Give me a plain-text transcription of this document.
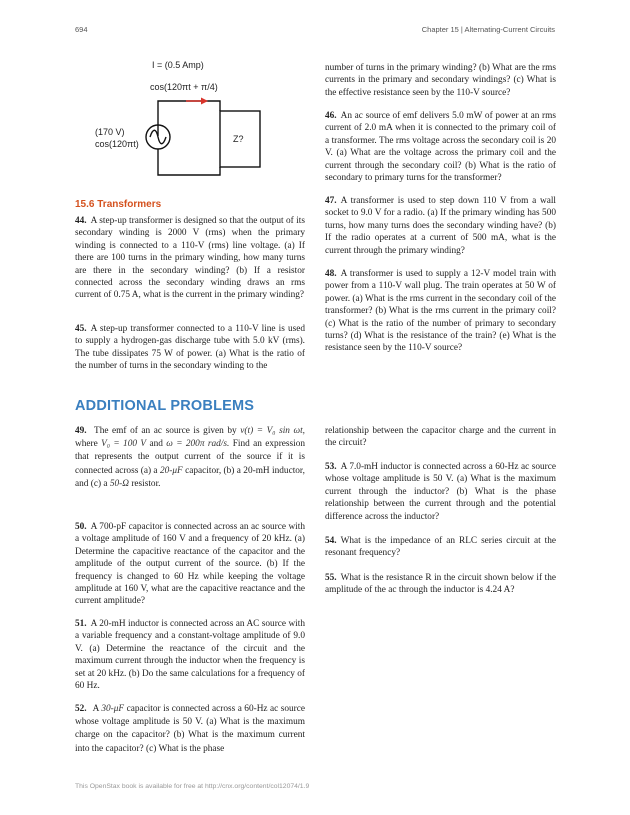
694	Chapter 15 | Alternating-Current Circuits
I = (0.5 Amp)
cos(120πt + π/4)
(170 V)
cos(120πt)	Z?
15.6 Transformers

44. A step-up transformer is designed so that the output of its secondary winding is 2000 V (rms) when the primary winding is connected to a 110-V (rms) line voltage. (a) If there are 100 turns in the primary winding, how many turns are there in the secondary winding? (b) If a resistor connected across the secondary winding draws an rms current of 0.75 A, what is the current in the primary winding?

45. A step-up transformer connected to a 110-V line is used to supply a hydrogen-gas discharge tube with 5.0 kV (rms). The tube dissipates 75 W of power. (a) What is the ratio of the number of turns in the secondary winding to the

number of turns in the primary winding? (b) What are the rms currents in the primary and secondary windings? (c) What is the effective resistance seen by the 110-V source?

46. An ac source of emf delivers 5.0 mW of power at an rms current of 2.0 mA when it is connected to the primary coil of a transformer. The rms voltage across the secondary coil is 20 V. (a) What are the voltage across the primary coil and the current through the secondary coil? (b) What is the ratio of secondary to primary turns for the transformer?

47. A transformer is used to step down 110 V from a wall socket to 9.0 V for a radio. (a) If the primary winding has 500 turns, how many turns does the secondary winding have? (b) If the radio operates at a current of 500 mA, what is the current through the primary winding?

48. A transformer is used to supply a 12-V model train with power from a 110-V wall plug. The train operates at 50 W of power. (a) What is the rms current in the secondary coil of the transformer? (b) What is the rms current in the primary coil? (c) What is the ratio of the number of primary to secondary turns? (d) What is the resistance of the train? (e) What is the resistance seen by the 110-V source?

ADDITIONAL PROBLEMS

49. The emf of an ac source is given by v(t) = V₀ sin ωt, where V₀ = 100 V and ω = 200π rad/s. Find an expression that represents the output current of the source if it is connected across (a) a 20-μF capacitor, (b) a 20-mH inductor, and (c) a 50-Ω resistor.

50. A 700-pF capacitor is connected across an ac source with a voltage amplitude of 160 V and a frequency of 20 kHz. (a) Determine the capacitive reactance of the capacitor and the amplitude of the output current of the source. (b) If the frequency is changed to 60 Hz while keeping the voltage amplitude at 160 V, what are the capacitive reactance and the current amplitude?

51. A 20-mH inductor is connected across an AC source with a variable frequency and a constant-voltage amplitude of 9.0 V. (a) Determine the reactance of the circuit and the maximum current through the inductor when the frequency is set at 20 kHz. (b) Do the same calculations for a frequency of 60 Hz.

52. A 30-μF capacitor is connected across a 60-Hz ac source whose voltage amplitude is 50 V. (a) What is the maximum charge on the capacitor? (b) What is the maximum current into the capacitor? (c) What is the phase

relationship between the capacitor charge and the current in the circuit?

53. A 7.0-mH inductor is connected across a 60-Hz ac source whose voltage amplitude is 50 V. (a) What is the maximum current through the inductor? (b) What is the phase relationship between the current through and the potential difference across the inductor?

54. What is the impedance of an RLC series circuit at the resonant frequency?

55. What is the resistance R in the circuit shown below if the amplitude of the ac through the inductor is 4.24 A?

This OpenStax book is available for free at http://cnx.org/content/col12074/1.9
